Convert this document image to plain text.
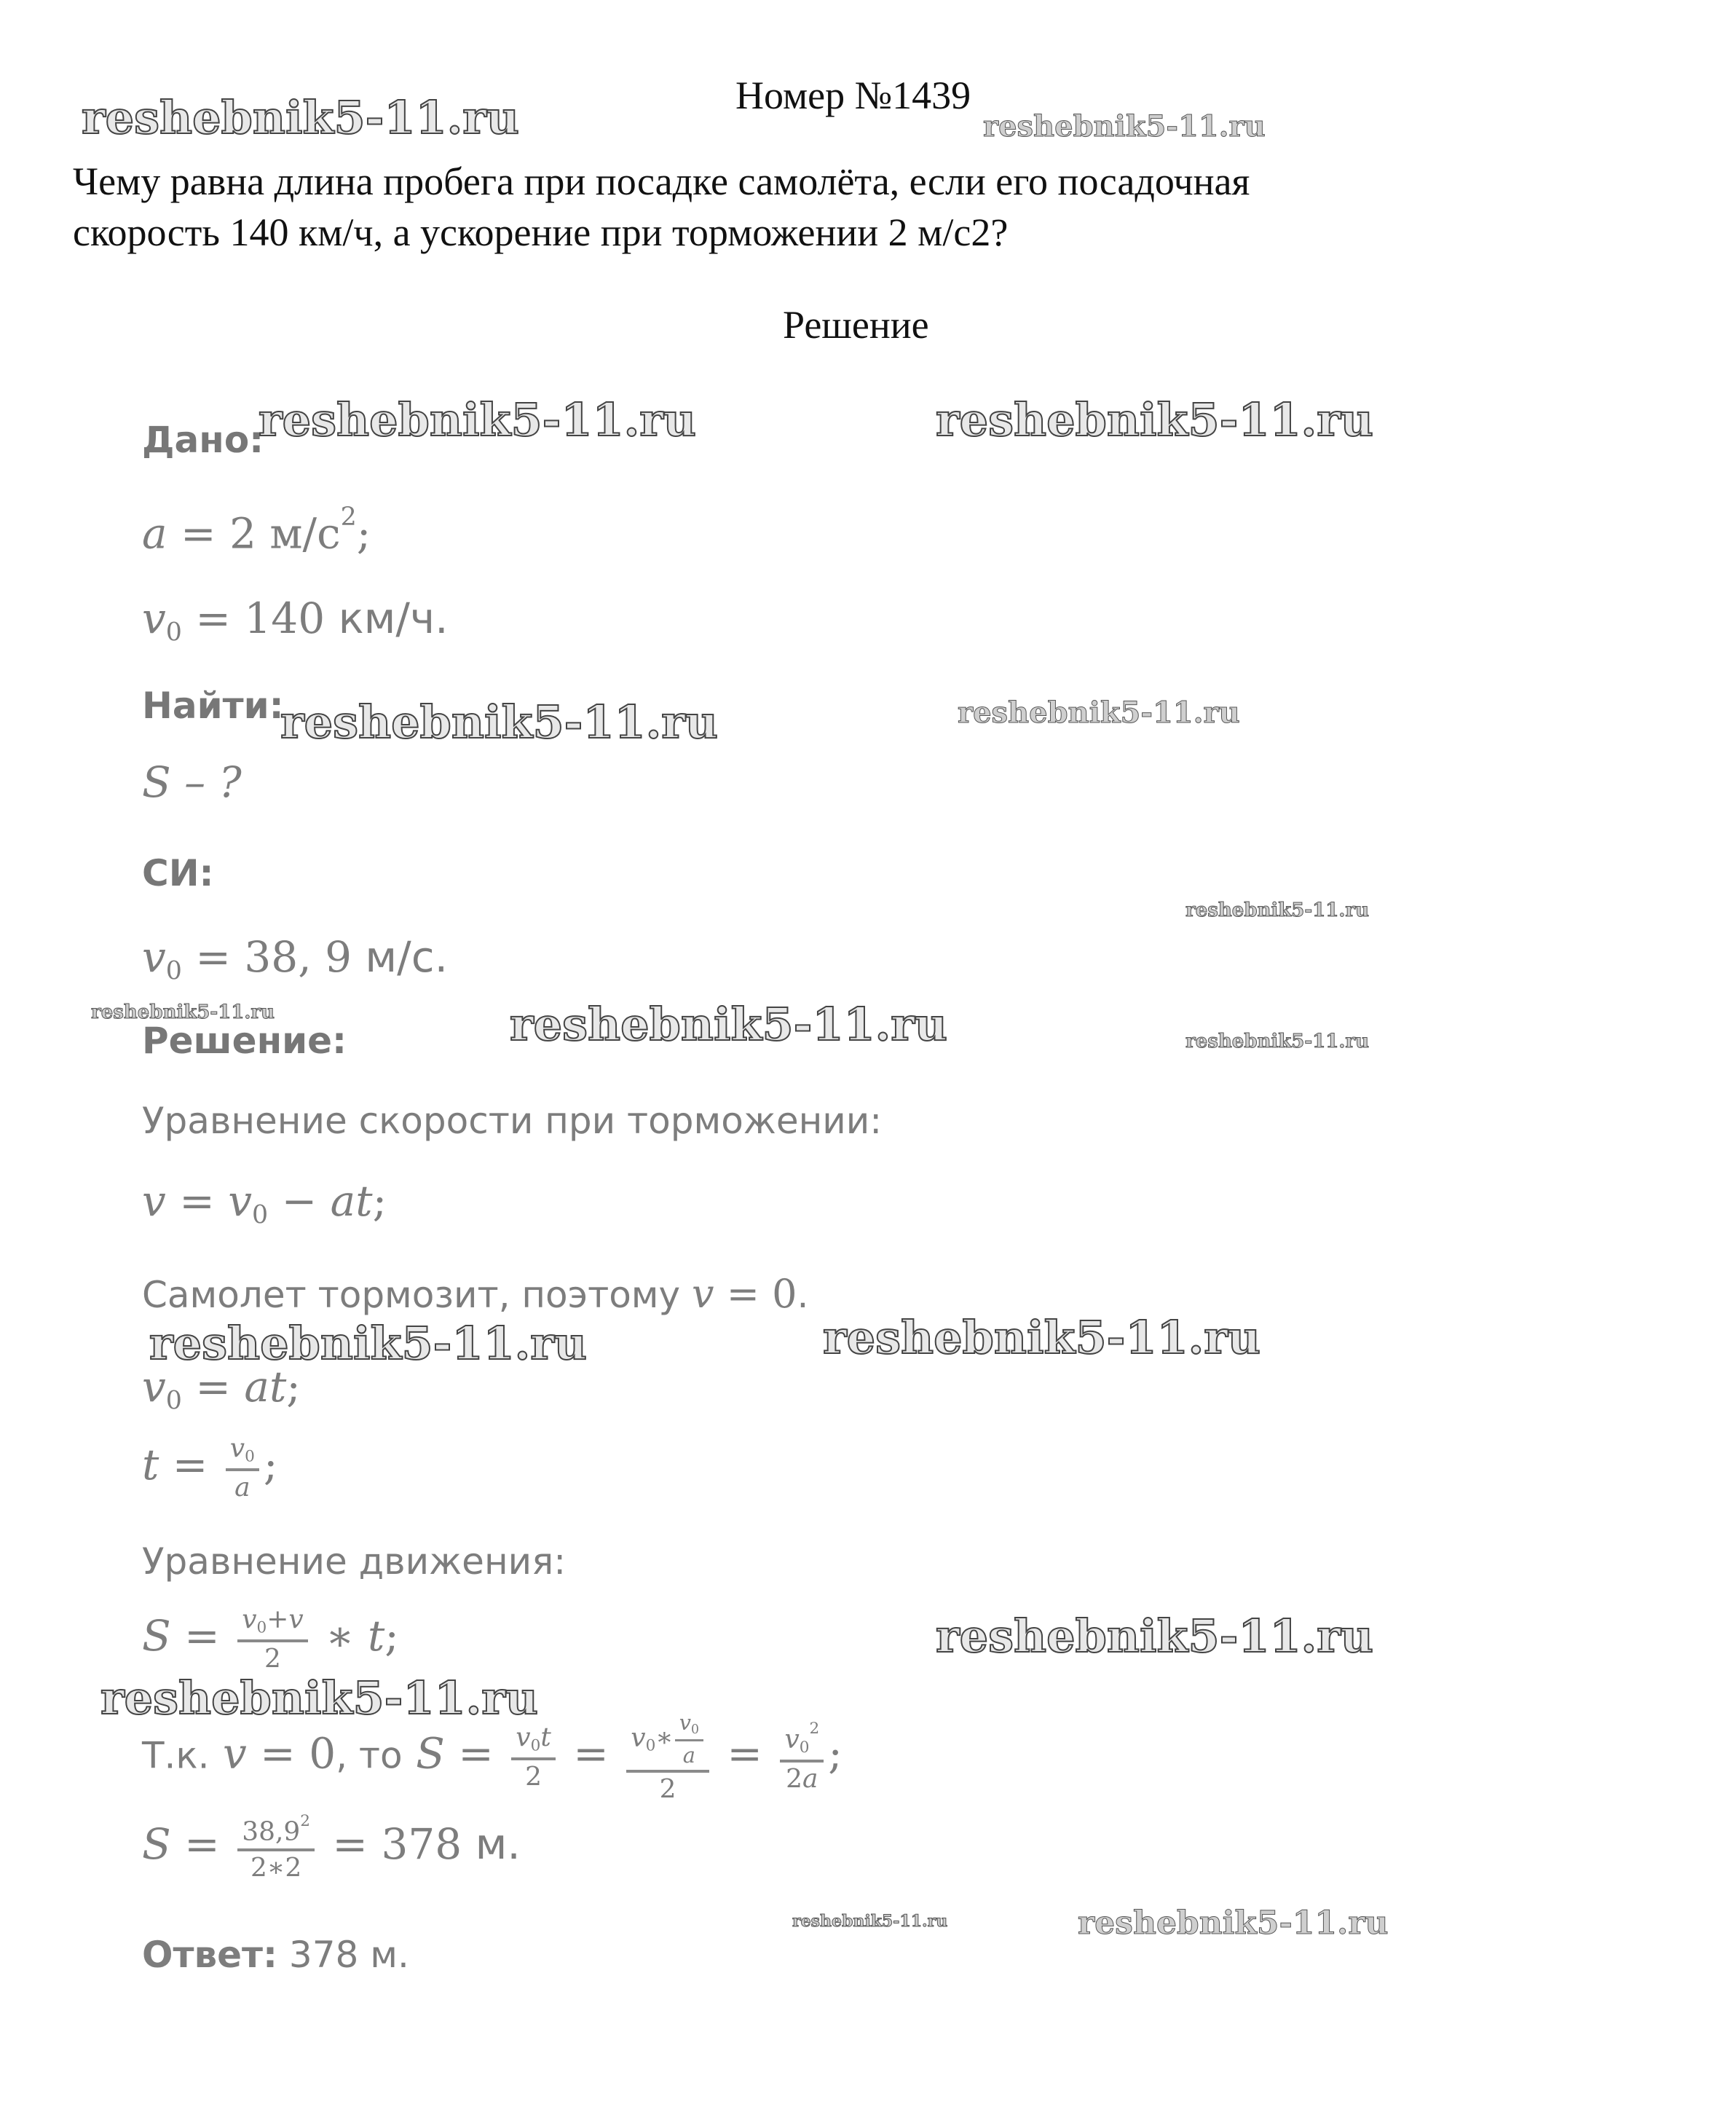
Номер №1439
Чему равна длина пробега при посадке самолёта, если его посадочная
скорость 140 км/ч, а ускорение при торможении 2 м/с2?
Решение
Дано:
a = 2 $м/с^2$;
$v_0 = 140$ км/ч.
Найти:
S – ?
СИ:
$v_0 = 38$, 9 м/с.
Решение:
Уравнение скорости при торможении:
$v = v_0$ − at;
Самолет тормозит, поэтому v = 0.
$v_0$ = at;
$t = \frac{v_0}{a}$ ;
Уравнение движения:
$S = \frac{v_0+v}{2}$ ∗ t;
Т.к. v = 0, то $S = \frac{v_0t}{2} = \frac{v_0∗ \frac{v_0}{a}}{2} = \frac{v_0^2}{2a}$ ;
$S = \frac{38,9^2}{2∗2} = 378$ м.
Ответ: 378 м.
reshebnik5-11.ru	reshebnik5-11.ru
reshebnik5-11.ru	reshebnik5-11.ru
reshebnik5-11.ru	reshebnik5-11.ru
reshebnik5-11.ru
reshebnik5-11.ru	reshebnik5-11.ru	reshebnik5-11.ru
reshebnik5-11.ru	reshebnik5-11.ru
reshebnik5-11.ru
reshebnik5-11.ru
reshebnik5-11.ru	reshebnik5-11.ru
